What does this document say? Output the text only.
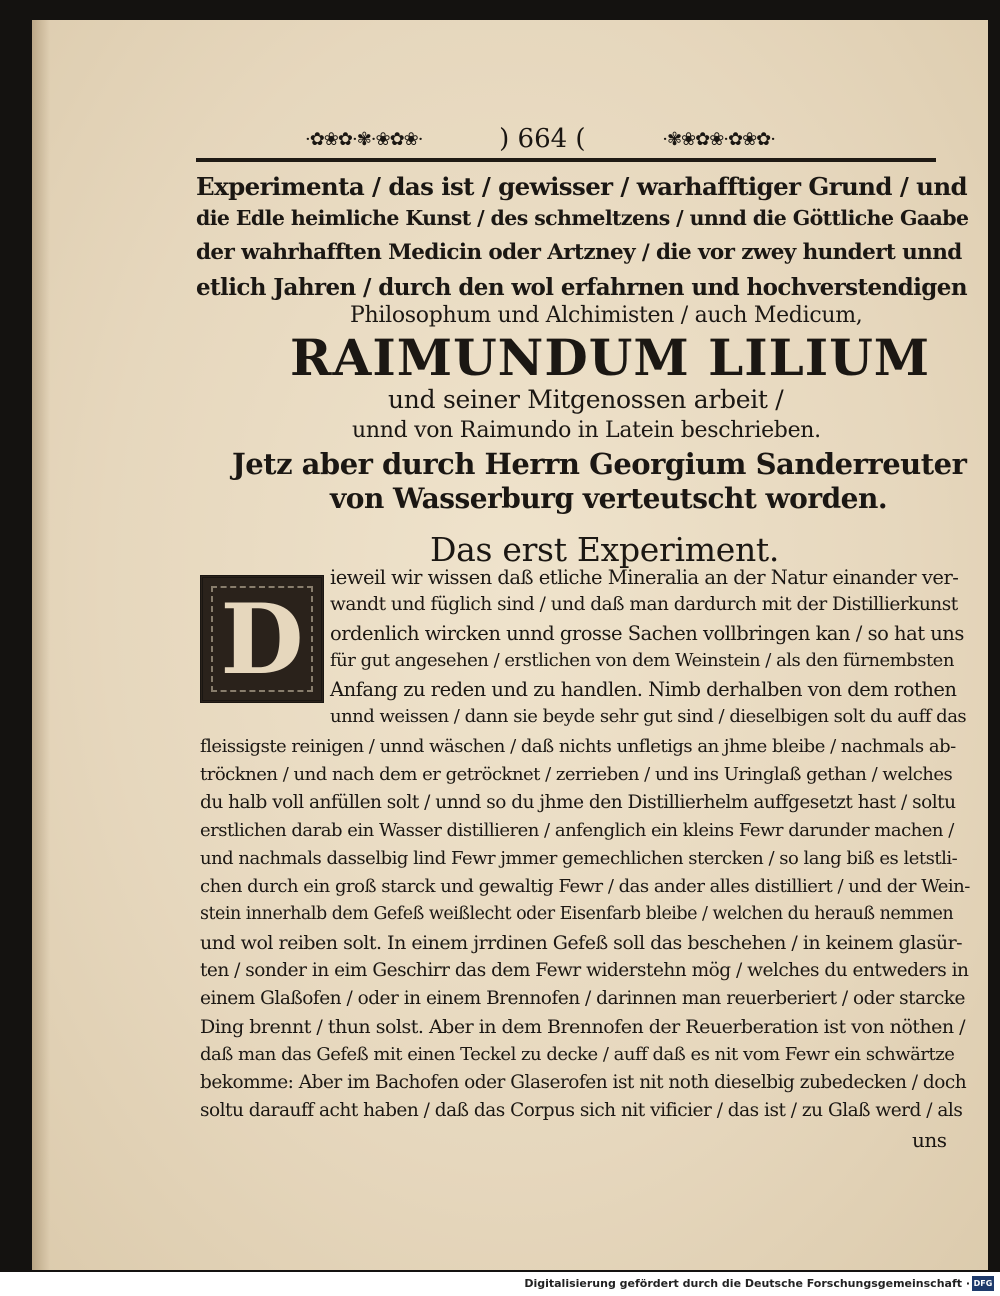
·✿❀✿·✾·❀✿❀·	) 664 (	·✾❀✿❀·✿❀✿·
Experimenta / das ist / gewisser / warhafftiger Grund / und
die Edle heimliche Kunst / des schmeltzens / unnd die Göttliche Gaabe
der wahrhafften Medicin oder Artzney / die vor zwey hundert unnd
etlich Jahren / durch den wol erfahrnen und hochverstendigen
Philosophum und Alchimisten / auch Medicum,
RAIMUNDUM LILIUM
und seiner Mitgenossen arbeit /
unnd von Raimundo in Latein beschrieben.
Jetz aber durch Herrn Georgium Sanderreuter
von Wasserburg verteutscht worden.
Das erst Experiment.
D
ieweil wir wissen daß etliche Mineralia an der Natur einander ver-
wandt und füglich sind / und daß man dardurch mit der Distillierkunst
ordenlich wircken unnd grosse Sachen vollbringen kan / so hat uns
für gut angesehen / erstlichen von dem Weinstein / als den fürnembsten
Anfang zu reden und zu handlen. Nimb derhalben von dem rothen
unnd weissen / dann sie beyde sehr gut sind / dieselbigen solt du auff das
fleissigste reinigen / unnd wäschen / daß nichts unfletigs an jhme bleibe / nachmals ab-
tröcknen / und nach dem er getröcknet / zerrieben / und ins Uringlaß gethan / welches
du halb voll anfüllen solt / unnd so du jhme den Distillierhelm auffgesetzt hast / soltu
erstlichen darab ein Wasser distillieren / anfenglich ein kleins Fewr darunder machen /
und nachmals dasselbig lind Fewr jmmer gemechlichen stercken / so lang biß es letstli-
chen durch ein groß starck und gewaltig Fewr / das ander alles distilliert / und der Wein-
stein innerhalb dem Gefeß weißlecht oder Eisenfarb bleibe / welchen du herauß nemmen
und wol reiben solt. In einem jrrdinen Gefeß soll das beschehen / in keinem glasür-
ten / sonder in eim Geschirr das dem Fewr widerstehn mög / welches du entweders in
einem Glaßofen / oder in einem Brennofen / darinnen man reuerberiert / oder starcke
Ding brennt / thun solst. Aber in dem Brennofen der Reuerberation ist von nöthen /
daß man das Gefeß mit einen Teckel zu decke / auff daß es nit vom Fewr ein schwärtze
bekomme: Aber im Bachofen oder Glaserofen ist nit noth dieselbig zubedecken / doch
soltu darauff acht haben / daß das Corpus sich nit vificier / das ist / zu Glaß werd / als
uns
Digitalisierung gefördert durch die Deutsche Forschungsgemeinschaft · DFG
